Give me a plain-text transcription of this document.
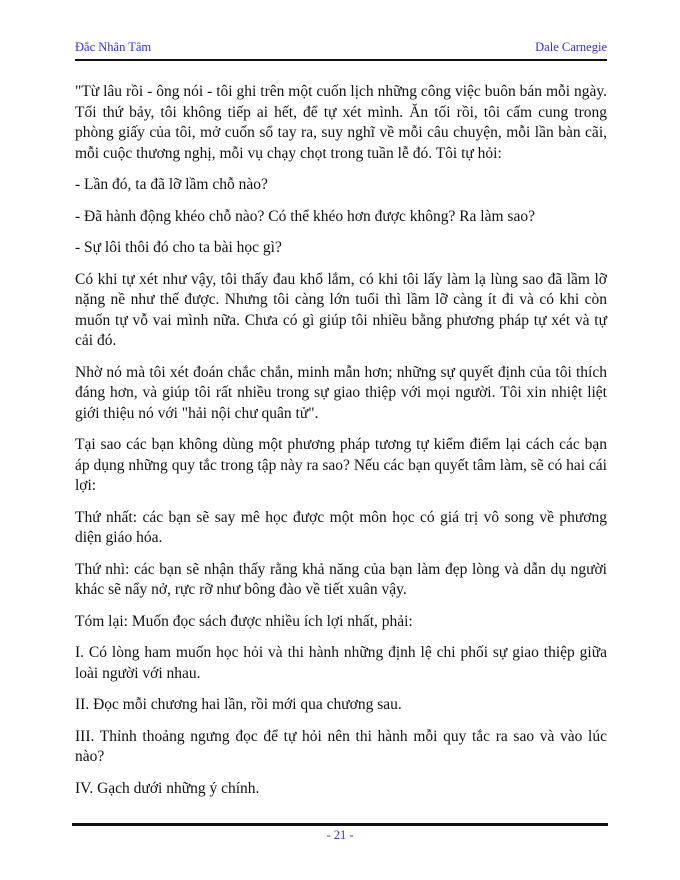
Đắc Nhân Tâm	Dale Carnegie

"Từ lâu rồi - ông nói - tôi ghi trên một cuốn lịch những công việc buôn bán mỗi ngày. Tối thứ bảy, tôi không tiếp ai hết, để tự xét mình. Ăn tối rồi, tôi cấm cung trong phòng giấy của tôi, mở cuốn sổ tay ra, suy nghĩ về mỗi câu chuyện, mỗi lần bàn cãi, mỗi cuộc thương nghị, mỗi vụ chạy chọt trong tuần lễ đó. Tôi tự hỏi:

- Lần đó, ta đã lỡ lầm chỗ nào?

- Đã hành động khéo chỗ nào? Có thể khéo hơn được không? Ra làm sao?

- Sự lôi thôi đó cho ta bài học gì?

Có khi tự xét như vậy, tôi thấy đau khổ lắm, có khi tôi lấy làm lạ lùng sao đã lầm lỡ nặng nề như thế được. Nhưng tôi càng lớn tuổi thì lầm lỡ càng ít đi và có khi còn muốn tự vỗ vai mình nữa. Chưa có gì giúp tôi nhiều bằng phương pháp tự xét và tự cải đó.

Nhờ nó mà tôi xét đoán chắc chắn, minh mẫn hơn; những sự quyết định của tôi thích đáng hơn, và giúp tôi rất nhiều trong sự giao thiệp với mọi người. Tôi xin nhiệt liệt giới thiệu nó với "hải nội chư quân tử".

Tại sao các bạn không dùng một phương pháp tương tự kiểm điểm lại cách các bạn áp dụng những quy tắc trong tập này ra sao? Nếu các bạn quyết tâm làm, sẽ có hai cái lợi:

Thứ nhất: các bạn sẽ say mê học được một môn học có giá trị vô song về phương diện giáo hóa.

Thứ nhì: các bạn sẽ nhận thấy rằng khả năng của bạn làm đẹp lòng và dẫn dụ người khác sẽ nẩy nở, rực rỡ như bông đào về tiết xuân vậy.

Tóm lại: Muốn đọc sách được nhiều ích lợi nhất, phải:

I. Có lòng ham muốn học hỏi và thi hành những định lệ chi phối sự giao thiệp giữa loài người với nhau.

II. Đọc mỗi chương hai lần, rồi mới qua chương sau.

III. Thỉnh thoảng ngưng đọc để tự hỏi nên thi hành mỗi quy tắc ra sao và vào lúc nào?

IV. Gạch dưới những ý chính.

- 21 -
